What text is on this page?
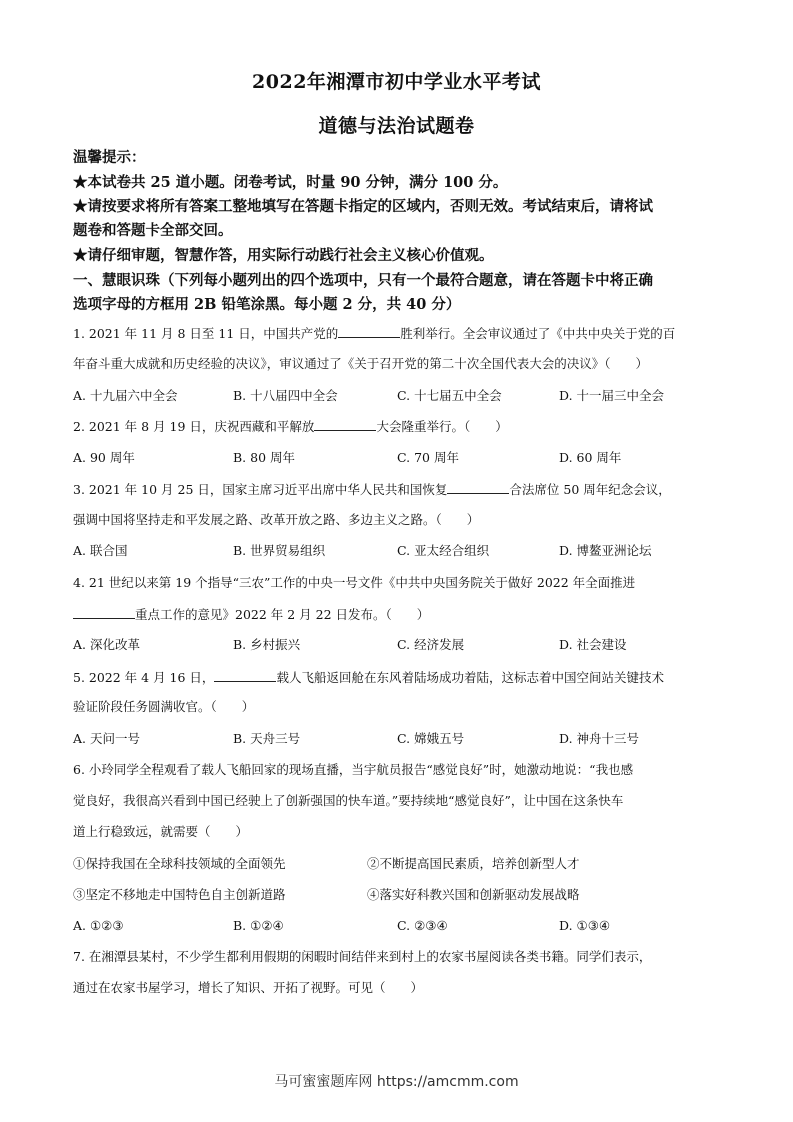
2022年湘潭市初中学业水平考试
道德与法治试题卷
温馨提示：
★本试卷共 25 道小题。闭卷考试，时量 90 分钟，满分 100 分。
★请按要求将所有答案工整地填写在答题卡指定的区域内，否则无效。考试结束后，请将试
题卷和答题卡全部交回。
★请仔细审题，智慧作答，用实际行动践行社会主义核心价值观。
一、慧眼识珠（下列每小题列出的四个选项中，只有一个最符合题意，请在答题卡中将正确
选项字母的方框用 2B 铅笔涂黑。每小题 2 分，共 40 分）
1. 2021 年 11 月 8 日至 11 日，中国共产党的	胜利举行。全会审议通过了《中共中央关于党的百
年奋斗重大成就和历史经验的决议》，审议通过了《关于召开党的第二十次全国代表大会的决议》（　　）
A. 十九届六中全会	B. 十八届四中全会	C. 十七届五中全会	D. 十一届三中全会
2. 2021 年 8 月 19 日，庆祝西藏和平解放	大会隆重举行。（　　）
A. 90 周年	B. 80 周年	C. 70 周年	D. 60 周年
3. 2021 年 10 月 25 日，国家主席习近平出席中华人民共和国恢复	合法席位 50 周年纪念会议，
强调中国将坚持走和平发展之路、改革开放之路、多边主义之路。（　　）
A. 联合国	B. 世界贸易组织	C. 亚太经合组织	D. 博鳌亚洲论坛
4. 21 世纪以来第 19 个指导“三农”工作的中央一号文件《中共中央国务院关于做好 2022 年全面推进
重点工作的意见》2022 年 2 月 22 日发布。（　　）
A. 深化改革	B. 乡村振兴	C. 经济发展	D. 社会建设
5. 2022 年 4 月 16 日，	载人飞船返回舱在东风着陆场成功着陆，这标志着中国空间站关键技术
验证阶段任务圆满收官。（　　）
A. 天问一号	B. 天舟三号	C. 嫦娥五号	D. 神舟十三号
6. 小玲同学全程观看了载人飞船回家的现场直播，当宇航员报告“感觉良好”时，她激动地说：“我也感
觉良好，我很高兴看到中国已经驶上了创新强国的快车道。”要持续地“感觉良好”，让中国在这条快车
道上行稳致远，就需要（　　）
①保持我国在全球科技领域的全面领先	②不断提高国民素质，培养创新型人才
③坚定不移地走中国特色自主创新道路	④落实好科教兴国和创新驱动发展战略
A. ①②③	B. ①②④	C. ②③④	D. ①③④
7. 在湘潭县某村，不少学生都利用假期的闲暇时间结伴来到村上的农家书屋阅读各类书籍。同学们表示，
通过在农家书屋学习，增长了知识、开拓了视野。可见（　　）
马可蜜蜜题库网 https://amcmm.com
